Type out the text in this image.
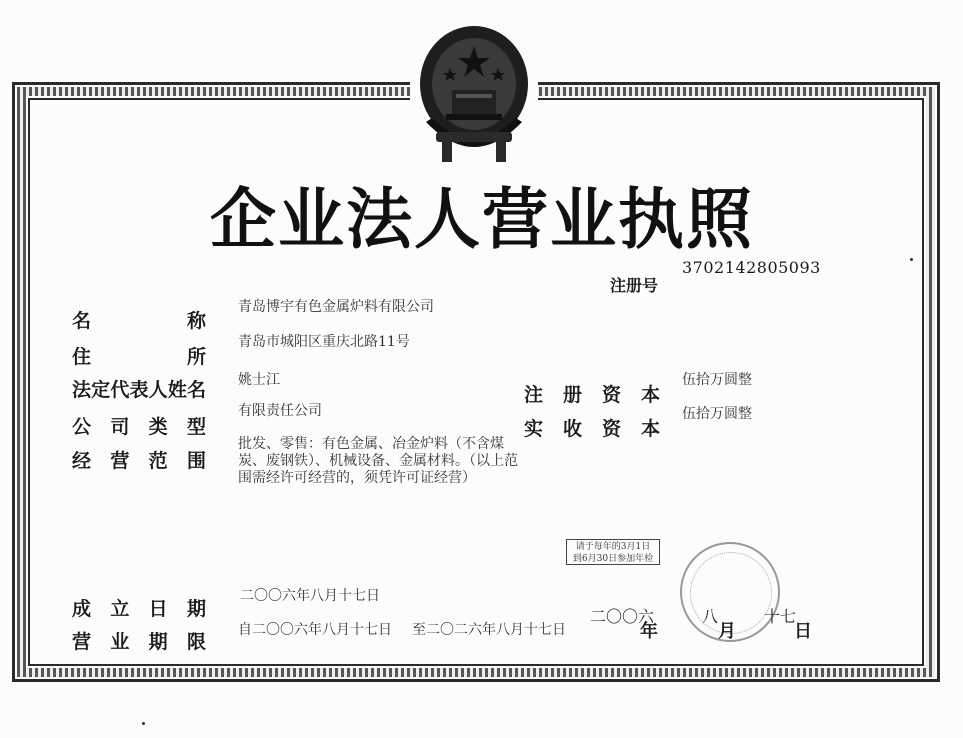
企业法人营业执照
注册号
370214280509​3
名称
住所
法定代表人姓名
公司类型
经营范围
成立日期
营业期限
青岛博宇有色金属炉料有限公司
青岛市城阳区重庆北路11号
姚士江
有限责任公司
批发、零售：有色金属、冶金炉料（不含煤炭、废钢铁）、机械设备、金属材料。（以上范围需经许可经营的，须凭许可证经营）
注册资本
实收资本
伍拾万圆整
伍拾万圆整
二〇〇六年八月十七日
自二〇〇六年八月十七日 至二〇二六年八月十七日
请于每年的3月1日
到6月30日参加年检
二〇〇六
年
八
月
十七
日
